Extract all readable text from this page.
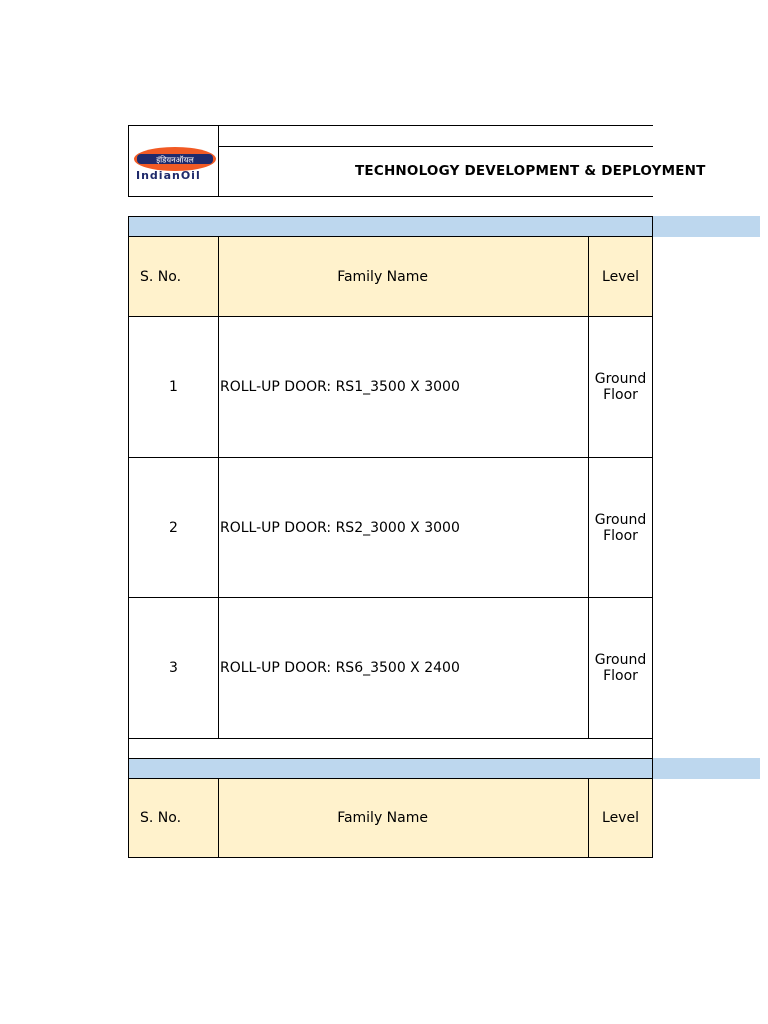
इंडियनऑयल
IndianOil	TECHNOLOGY DEVELOPMENT & DEPLOYMENT
S. No.	Family Name	Level
1	ROLL-UP DOOR: RS1_3500 X 3000	Ground Floor
2	ROLL-UP DOOR: RS2_3000 X 3000	Ground Floor
3	ROLL-UP DOOR: RS6_3500 X 2400	Ground Floor
S. No.	Family Name	Level
